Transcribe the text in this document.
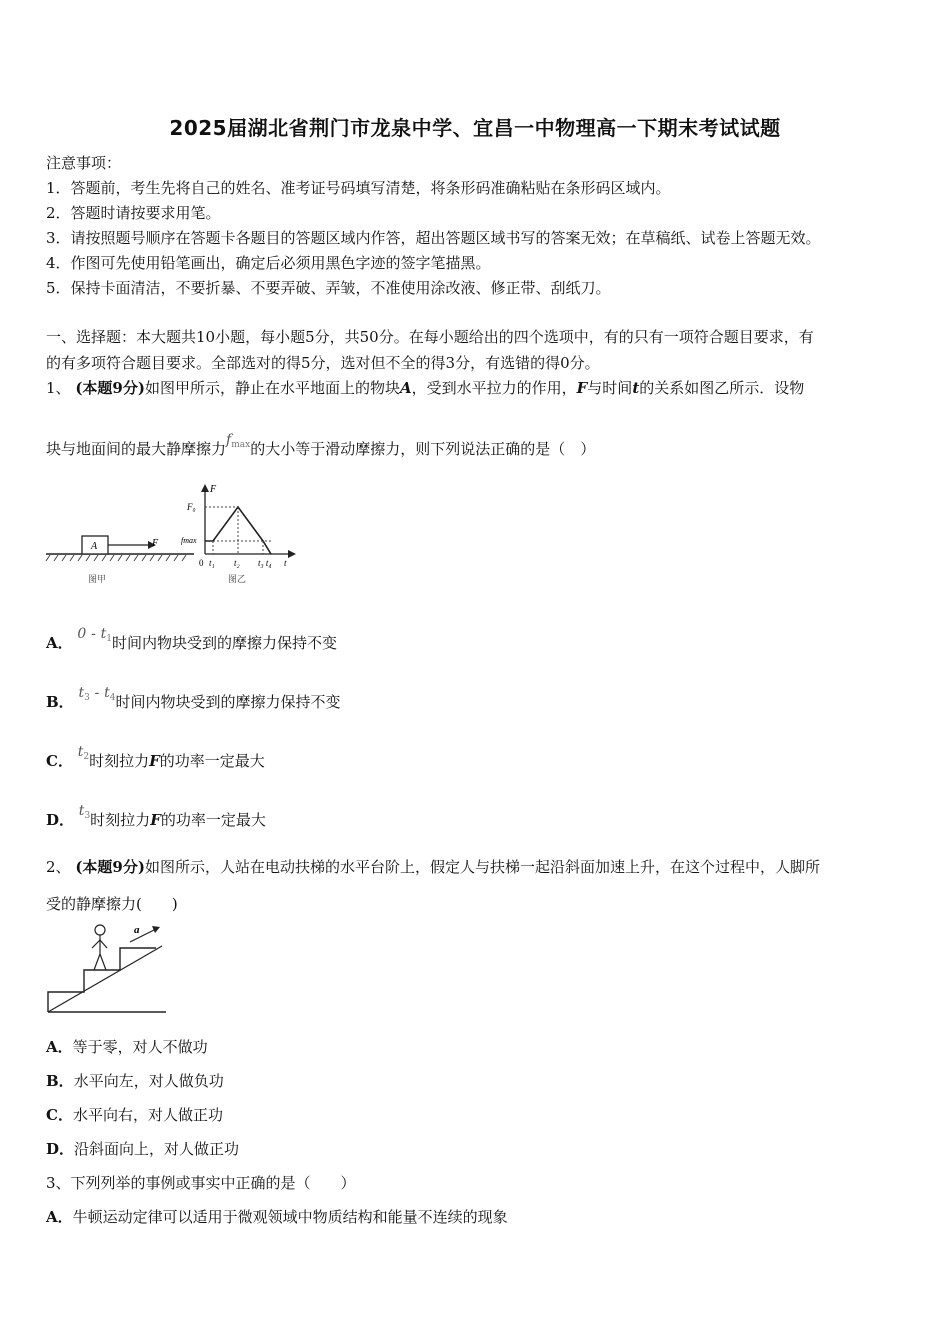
2025届湖北省荆门市龙泉中学、宜昌一中物理高一下期末考试试题
注意事项：
1．答题前，考生先将自己的姓名、准考证号码填写清楚，将条形码准确粘贴在条形码区域内。
2．答题时请按要求用笔。
3．请按照题号顺序在答题卡各题目的答题区域内作答，超出答题区域书写的答案无效；在草稿纸、试卷上答题无效。
4．作图可先使用铅笔画出，确定后必须用黑色字迹的签字笔描黑。
5．保持卡面清洁，不要折暴、不要弄破、弄皱，不准使用涂改液、修正带、刮纸刀。
一、选择题：本大题共10小题，每小题5分，共50分。在每小题给出的四个选项中，有的只有一项符合题目要求，有
的有多项符合题目要求。全部选对的得5分，选对但不全的得3分，有选错的得0分。
1、 (本题9分)如图甲所示，静止在水平地面上的物块A，受到水平拉力的作用，F与时间t的关系如图乙所示．设物
块与地面间的最大静摩擦力$f_{max}$的大小等于滑动摩擦力，则下列说法正确的是（　）
A	F
图甲
F
F₀
fmax
0 t₁ t₂ t₃ t₄ t
图乙
A． $0 - t_1$时间内物块受到的摩擦力保持不变
B． $t_3 - t_4$时间内物块受到的摩擦力保持不变
C． $t_2$时刻拉力F的功率一定最大
D． $t_3$时刻拉力F的功率一定最大
2、 (本题9分)如图所示，人站在电动扶梯的水平台阶上，假定人与扶梯一起沿斜面加速上升，在这个过程中，人脚所
受的静摩擦力(　　)
a
A．等于零，对人不做功
B．水平向左，对人做负功
C．水平向右，对人做正功
D．沿斜面向上，对人做正功
3、下列列举的事例或事实中正确的是（　　）
A．牛顿运动定律可以适用于微观领域中物质结构和能量不连续的现象
